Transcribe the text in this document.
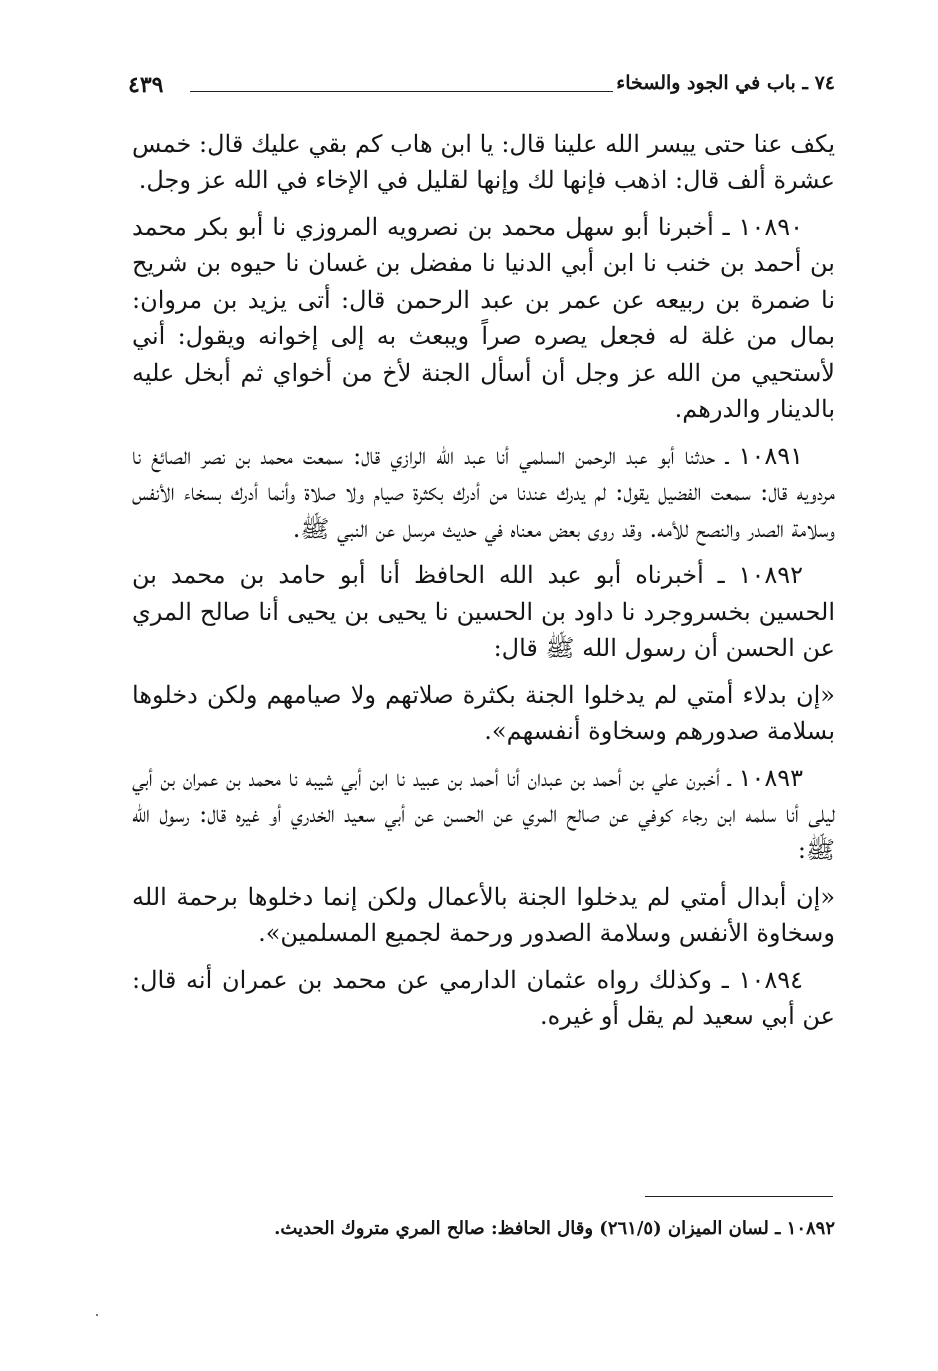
٧٤ ـ باب في الجود والسخاء
٤٣٩

يكف عنا حتى ييسر الله علينا قال: يا ابن هاب كم بقي عليك قال: خمس عشرة ألف قال: اذهب فإنها لك وإنها لقليل في الإخاء في الله عز وجل.

١٠٨٩٠ ـ أخبرنا أبو سهل محمد بن نصرويه المروزي نا أبو بكر محمد بن أحمد بن خنب نا ابن أبي الدنيا نا مفضل بن غسان نا حيوه بن شريح نا ضمرة بن ربيعه عن عمر بن عبد الرحمن قال: أتى يزيد بن مروان: بمال من غلة له فجعل يصره صراً ويبعث به إلى إخوانه ويقول: أني لأستحيي من الله عز وجل أن أسأل الجنة لأخ من أخواي ثم أبخل عليه بالدينار والدرهم.

١٠٨٩١ ـ حدثنا أبو عبد الرحمن السلمي أنا عبد الله الرازي قال: سمعت محمد بن نصر الصائغ نا مردويه قال: سمعت الفضيل يقول: لم يدرك عندنا من أدرك بكثرة صيام ولا صلاة وأنما أدرك بسخاء الأنفس وسلامة الصدر والنصح للأمه. وقد روى بعض معناه في حديث مرسل عن النبي ﷺ.

١٠٨٩٢ ـ أخبرناه أبو عبد الله الحافظ أنا أبو حامد بن محمد بن الحسين بخسروجرد نا داود بن الحسين نا يحيى بن يحيى أنا صالح المري عن الحسن أن رسول الله ﷺ قال:

«إن بدلاء أمتي لم يدخلوا الجنة بكثرة صلاتهم ولا صيامهم ولكن دخلوها بسلامة صدورهم وسخاوة أنفسهم».

١٠٨٩٣ ـ أخبرن علي بن أحمد بن عبدان أنا أحمد بن عبيد نا ابن أبي شيبه نا محمد بن عمران بن أبي ليلى أنا سلمه ابن رجاء كوفي عن صالح المري عن الحسن عن أبي سعيد الخدري أو غيره قال: رسول الله ﷺ:

«إن أبدال أمتي لم يدخلوا الجنة بالأعمال ولكن إنما دخلوها برحمة الله وسخاوة الأنفس وسلامة الصدور ورحمة لجميع المسلمين».

١٠٨٩٤ ـ وكذلك رواه عثمان الدارمي عن محمد بن عمران أنه قال: عن أبي سعيد لم يقل أو غيره.

١٠٨٩٢ ـ لسان الميزان (٢٦١/٥) وقال الحافظ: صالح المري متروك الحديث.
